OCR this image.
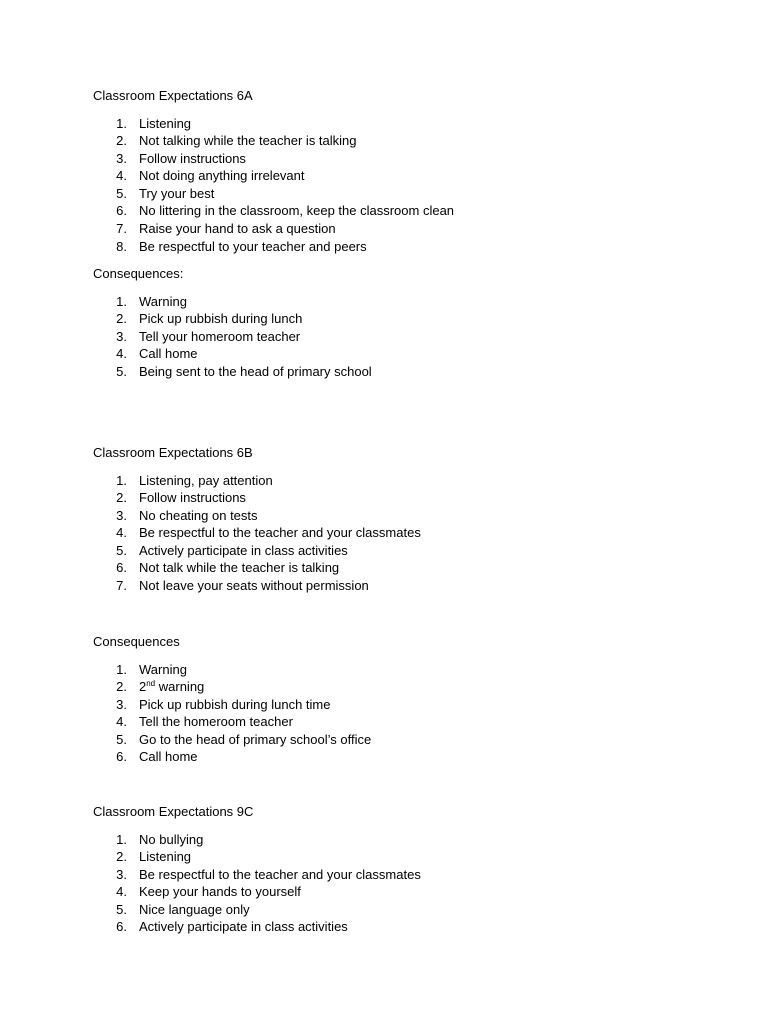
Classroom Expectations 6A
1. Listening
2. Not talking while the teacher is talking
3. Follow instructions
4. Not doing anything irrelevant
5. Try your best
6. No littering in the classroom, keep the classroom clean
7. Raise your hand to ask a question
8. Be respectful to your teacher and peers
Consequences:
1. Warning
2. Pick up rubbish during lunch
3. Tell your homeroom teacher
4. Call home
5. Being sent to the head of primary school
Classroom Expectations 6B
1. Listening, pay attention
2. Follow instructions
3. No cheating on tests
4. Be respectful to the teacher and your classmates
5. Actively participate in class activities
6. Not talk while the teacher is talking
7. Not leave your seats without permission
Consequences
1. Warning
2. 2nd warning
3. Pick up rubbish during lunch time
4. Tell the homeroom teacher
5. Go to the head of primary school’s office
6. Call home
Classroom Expectations 9C
1. No bullying
2. Listening
3. Be respectful to the teacher and your classmates
4. Keep your hands to yourself
5. Nice language only
6. Actively participate in class activities
